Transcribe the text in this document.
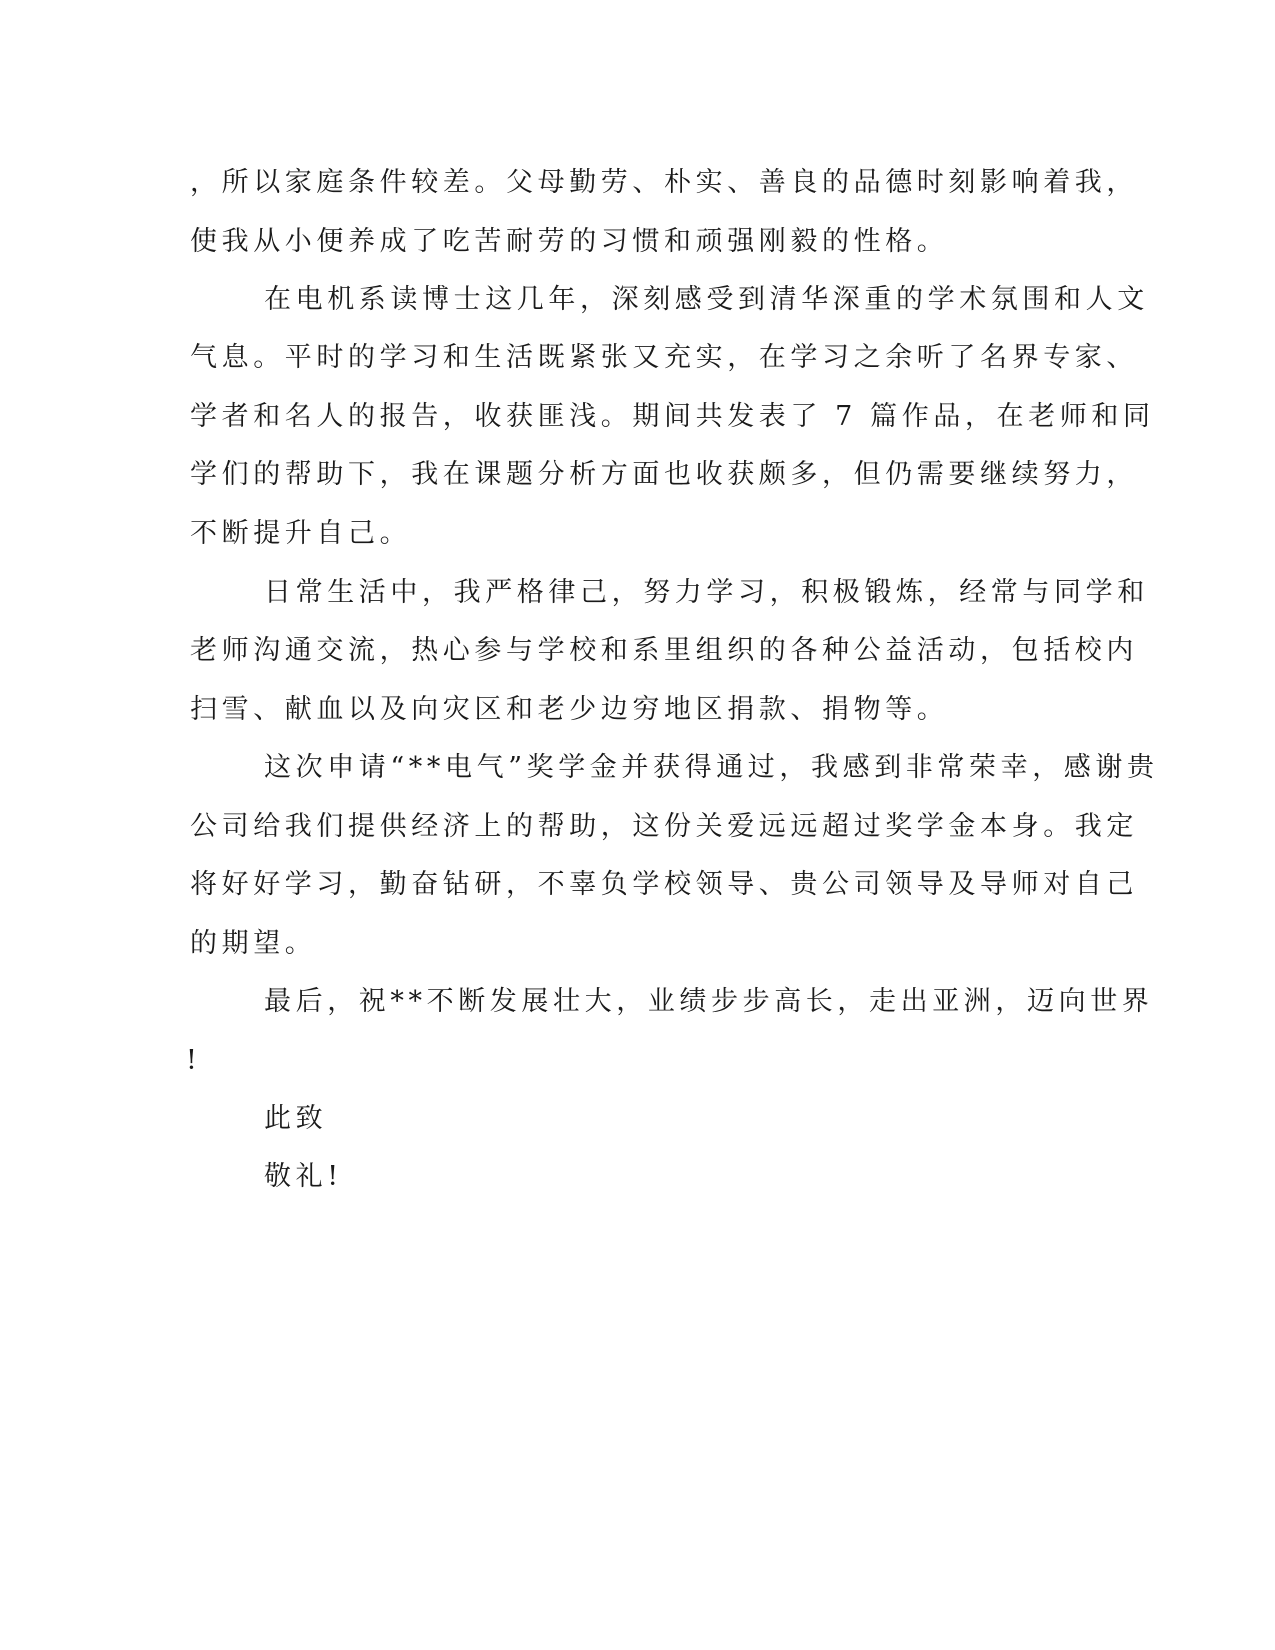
，所以家庭条件较差。父母勤劳、朴实、善良的品德时刻影响着我，
使我从小便养成了吃苦耐劳的习惯和顽强刚毅的性格。
在电机系读博士这几年，深刻感受到清华深重的学术氛围和人文
气息。平时的学习和生活既紧张又充实，在学习之余听了名界专家、
学者和名人的报告，收获匪浅。期间共发表了 7 篇作品，在老师和同
学们的帮助下，我在课题分析方面也收获颇多，但仍需要继续努力，
不断提升自己。
日常生活中，我严格律己，努力学习，积极锻炼，经常与同学和
老师沟通交流，热心参与学校和系里组织的各种公益活动，包括校内
扫雪、献血以及向灾区和老少边穷地区捐款、捐物等。
这次申请“**电气”奖学金并获得通过，我感到非常荣幸，感谢贵
公司给我们提供经济上的帮助，这份关爱远远超过奖学金本身。我定
将好好学习，勤奋钻研，不辜负学校领导、贵公司领导及导师对自己
的期望。
最后，祝**不断发展壮大，业绩步步高长，走出亚洲，迈向世界
!
此致
敬礼!
